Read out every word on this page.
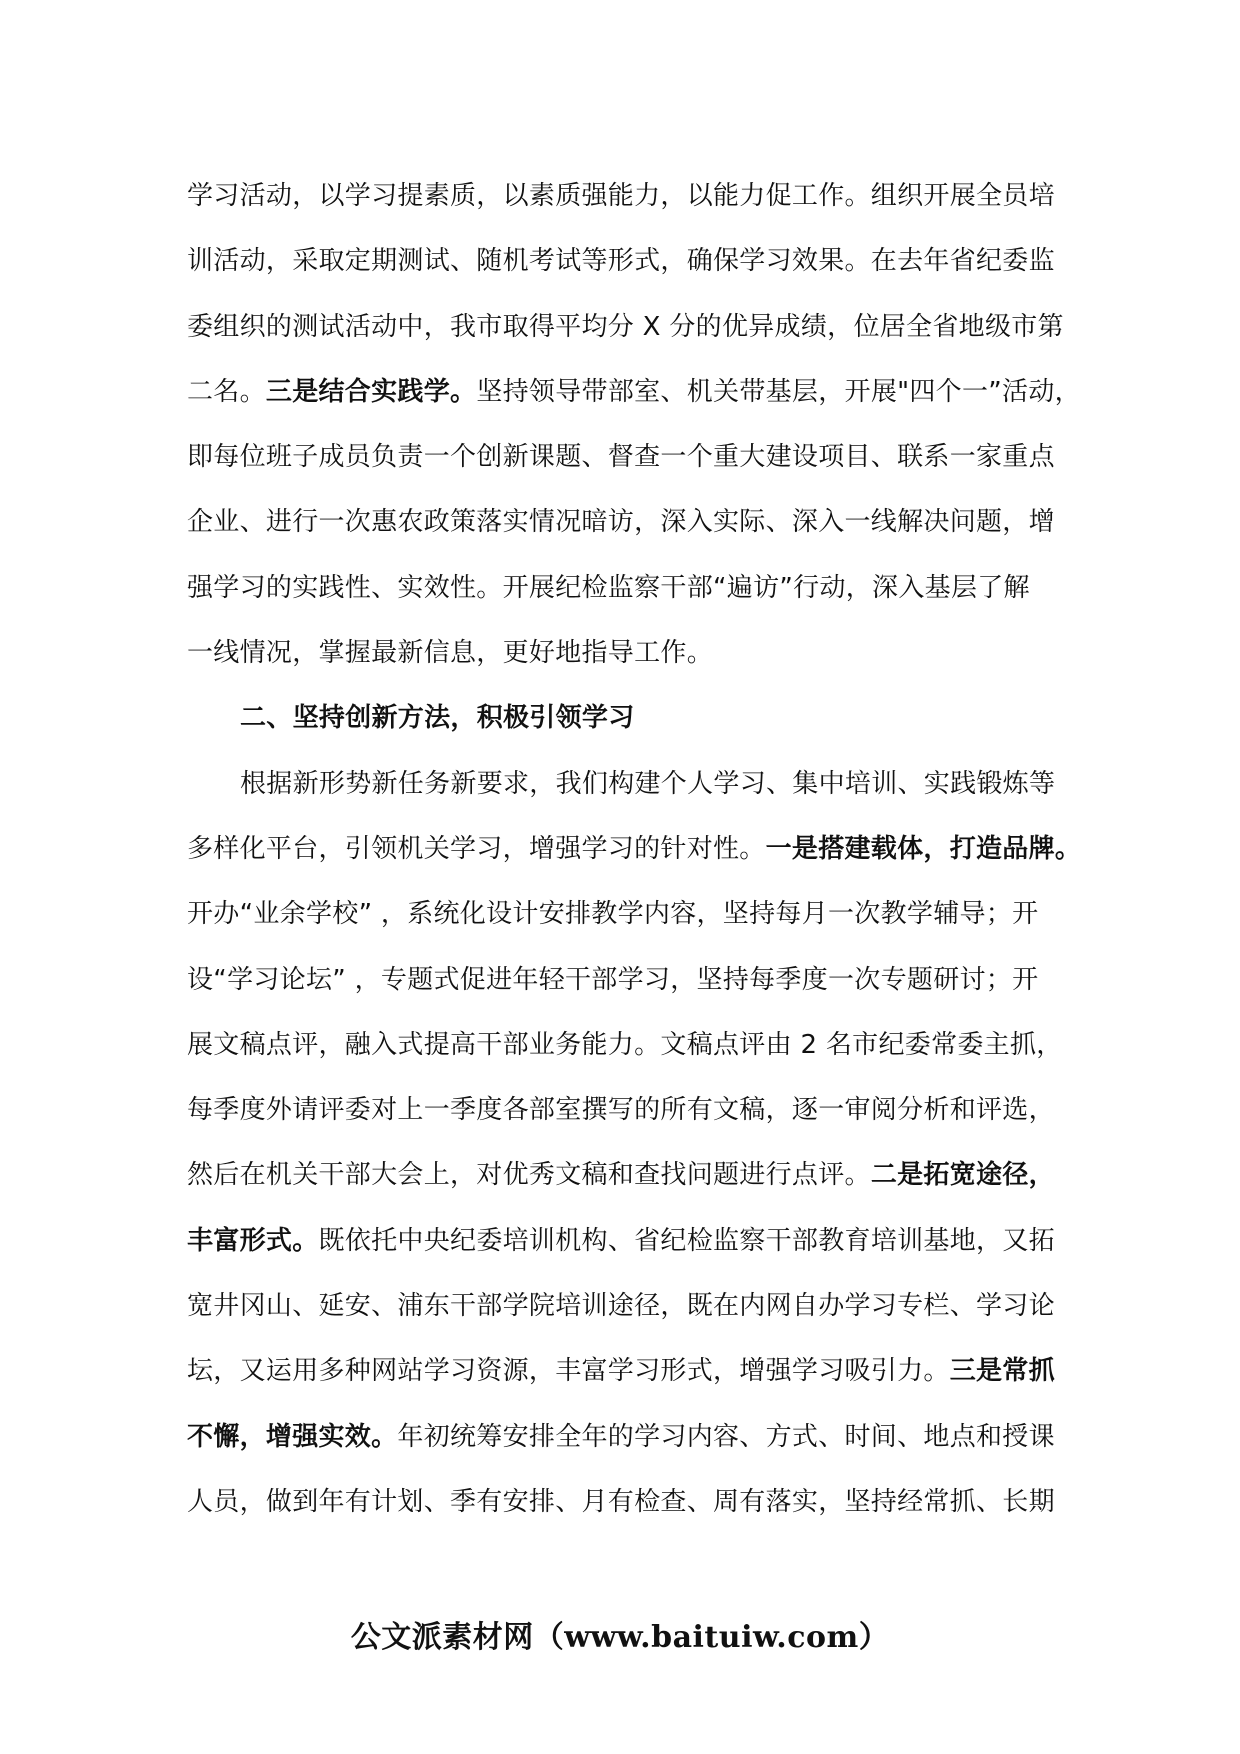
学习活动，以学习提素质，以素质强能力，以能力促工作。组织开展全员培
训活动，采取定期测试、随机考试等形式，确保学习效果。在去年省纪委监
委组织的测试活动中，我市取得平均分 X 分的优异成绩，位居全省地级市第
二名。三是结合实践学。坚持领导带部室、机关带基层，开展"四个一”活动，
即每位班子成员负责一个创新课题、督查一个重大建设项目、联系一家重点
企业、进行一次惠农政策落实情况暗访，深入实际、深入一线解决问题，增
强学习的实践性、实效性。开展纪检监察干部“遍访”行动，深入基层了解
一线情况，掌握最新信息，更好地指导工作。
二、坚持创新方法，积极引领学习
根据新形势新任务新要求，我们构建个人学习、集中培训、实践锻炼等
多样化平台，引领机关学习，增强学习的针对性。一是搭建载体，打造品牌。
开办“业余学校” ，系统化设计安排教学内容，坚持每月一次教学辅导；开
设“学习论坛” ，专题式促进年轻干部学习，坚持每季度一次专题研讨；开
展文稿点评，融入式提高干部业务能力。文稿点评由 2 名市纪委常委主抓，
每季度外请评委对上一季度各部室撰写的所有文稿，逐一审阅分析和评选，
然后在机关干部大会上，对优秀文稿和查找问题进行点评。二是拓宽途径，
丰富形式。既依托中央纪委培训机构、省纪检监察干部教育培训基地，又拓
宽井冈山、延安、浦东干部学院培训途径，既在内网自办学习专栏、学习论
坛，又运用多种网站学习资源，丰富学习形式，增强学习吸引力。三是常抓
不懈，增强实效。年初统筹安排全年的学习内容、方式、时间、地点和授课
人员，做到年有计划、季有安排、月有检查、周有落实，坚持经常抓、长期
公文派素材网（www.baituiw.com）
